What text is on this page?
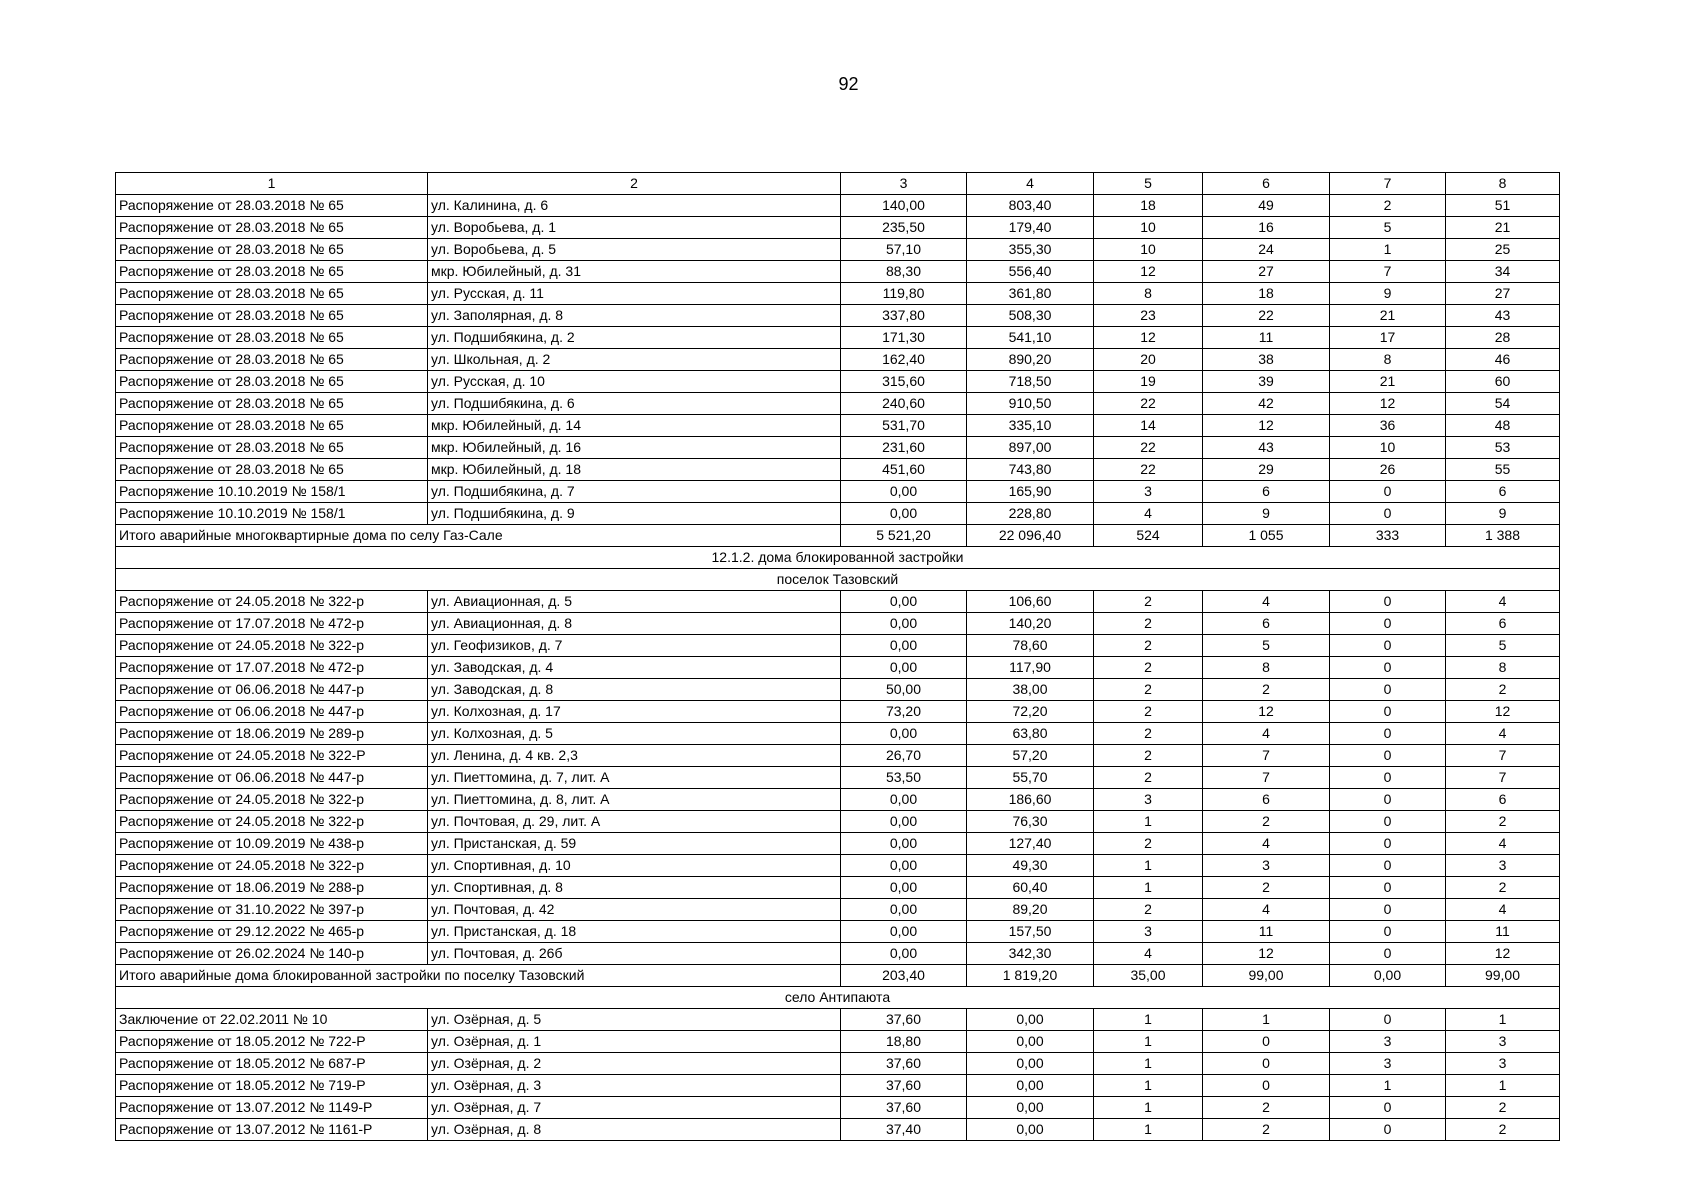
92
1	2	3	4	5	6	7	8
Распоряжение от 28.03.2018 № 65	ул. Калинина, д. 6	140,00	803,40	18	49	2	51
Распоряжение от 28.03.2018 № 65	ул. Воробьева, д. 1	235,50	179,40	10	16	5	21
Распоряжение от 28.03.2018 № 65	ул. Воробьева, д. 5	57,10	355,30	10	24	1	25
Распоряжение от 28.03.2018 № 65	мкр. Юбилейный, д. 31	88,30	556,40	12	27	7	34
Распоряжение от 28.03.2018 № 65	ул. Русская, д. 11	119,80	361,80	8	18	9	27
Распоряжение от 28.03.2018 № 65	ул. Заполярная, д. 8	337,80	508,30	23	22	21	43
Распоряжение от 28.03.2018 № 65	ул. Подшибякина, д. 2	171,30	541,10	12	11	17	28
Распоряжение от 28.03.2018 № 65	ул. Школьная, д. 2	162,40	890,20	20	38	8	46
Распоряжение от 28.03.2018 № 65	ул. Русская, д. 10	315,60	718,50	19	39	21	60
Распоряжение от 28.03.2018 № 65	ул. Подшибякина, д. 6	240,60	910,50	22	42	12	54
Распоряжение от 28.03.2018 № 65	мкр. Юбилейный, д. 14	531,70	335,10	14	12	36	48
Распоряжение от 28.03.2018 № 65	мкр. Юбилейный, д. 16	231,60	897,00	22	43	10	53
Распоряжение от 28.03.2018 № 65	мкр. Юбилейный, д. 18	451,60	743,80	22	29	26	55
Распоряжение 10.10.2019 № 158/1	ул. Подшибякина, д. 7	0,00	165,90	3	6	0	6
Распоряжение 10.10.2019 № 158/1	ул. Подшибякина, д. 9	0,00	228,80	4	9	0	9
Итого аварийные многоквартирные дома по селу Газ-Сале		5 521,20	22 096,40	524	1 055	333	1 388
12.1.2. дома блокированной застройки							
поселок Тазовский							
Распоряжение от 24.05.2018 № 322-р	ул. Авиационная, д. 5	0,00	106,60	2	4	0	4
Распоряжение от 17.07.2018 № 472-р	ул. Авиационная, д. 8	0,00	140,20	2	6	0	6
Распоряжение от 24.05.2018 № 322-р	ул. Геофизиков, д. 7	0,00	78,60	2	5	0	5
Распоряжение от 17.07.2018 № 472-р	ул. Заводская, д. 4	0,00	117,90	2	8	0	8
Распоряжение от 06.06.2018 № 447-р	ул. Заводская, д. 8	50,00	38,00	2	2	0	2
Распоряжение от 06.06.2018 № 447-р	ул. Колхозная, д. 17	73,20	72,20	2	12	0	12
Распоряжение от 18.06.2019 № 289-р	ул. Колхозная, д. 5	0,00	63,80	2	4	0	4
Распоряжение от 24.05.2018 № 322-Р	ул. Ленина, д. 4 кв. 2,3	26,70	57,20	2	7	0	7
Распоряжение от 06.06.2018 № 447-р	ул. Пиеттомина, д. 7, лит. А	53,50	55,70	2	7	0	7
Распоряжение от 24.05.2018 № 322-р	ул. Пиеттомина, д. 8, лит. А	0,00	186,60	3	6	0	6
Распоряжение от 24.05.2018 № 322-р	ул. Почтовая, д. 29, лит. А	0,00	76,30	1	2	0	2
Распоряжение от 10.09.2019 № 438-р	ул. Пристанская, д. 59	0,00	127,40	2	4	0	4
Распоряжение от 24.05.2018 № 322-р	ул. Спортивная, д. 10	0,00	49,30	1	3	0	3
Распоряжение от 18.06.2019 № 288-р	ул. Спортивная, д. 8	0,00	60,40	1	2	0	2
Распоряжение от 31.10.2022 № 397-р	ул. Почтовая, д. 42	0,00	89,20	2	4	0	4
Распоряжение от 29.12.2022 № 465-р	ул. Пристанская, д. 18	0,00	157,50	3	11	0	11
Распоряжение от 26.02.2024 № 140-р	ул. Почтовая, д. 26б	0,00	342,30	4	12	0	12
Итого аварийные дома блокированной застройки по поселку Тазовский		203,40	1 819,20	35,00	99,00	0,00	99,00
село Антипаюта							
Заключение от 22.02.2011 № 10	ул. Озёрная, д. 5	37,60	0,00	1	1	0	1
Распоряжение от 18.05.2012 № 722-Р	ул. Озёрная, д. 1	18,80	0,00	1	0	3	3
Распоряжение от 18.05.2012 № 687-Р	ул. Озёрная, д. 2	37,60	0,00	1	0	3	3
Распоряжение от 18.05.2012 № 719-Р	ул. Озёрная, д. 3	37,60	0,00	1	0	1	1
Распоряжение от 13.07.2012 № 1149-Р	ул. Озёрная, д. 7	37,60	0,00	1	2	0	2
Распоряжение от 13.07.2012 № 1161-Р	ул. Озёрная, д. 8	37,40	0,00	1	2	0	2
